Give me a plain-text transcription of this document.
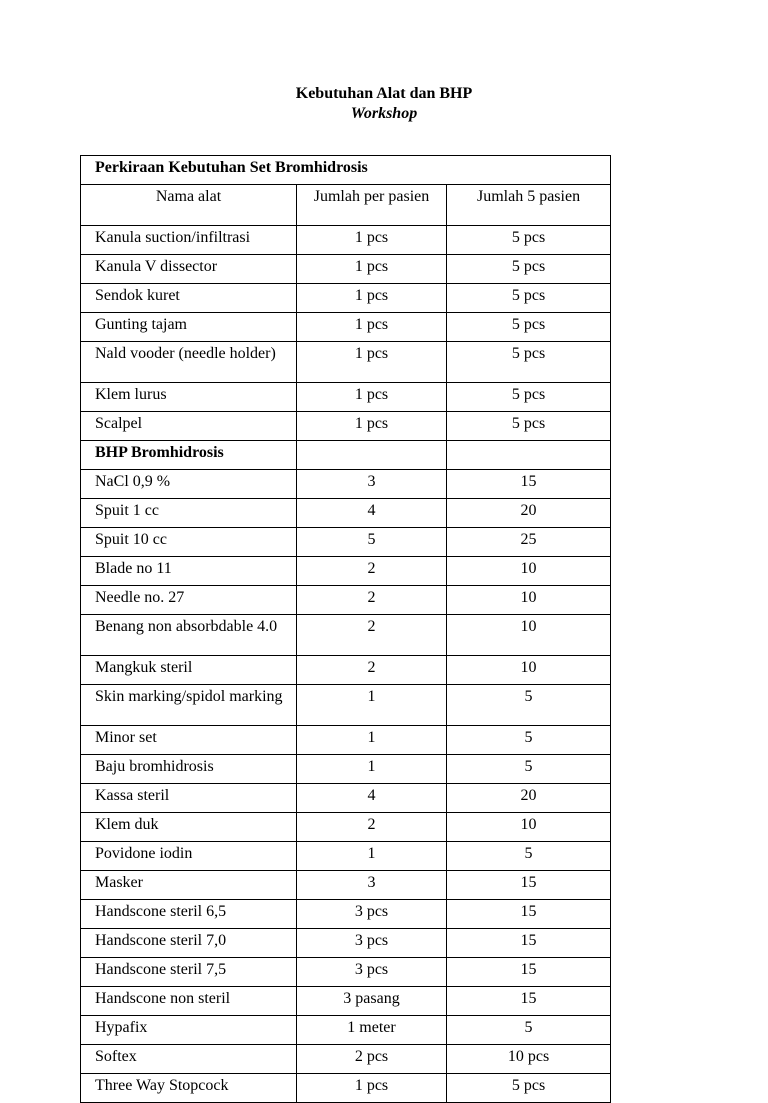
Kebutuhan Alat dan BHP
Workshop
Perkiraan Kebutuhan Set Bromhidrosis		
Nama alat	Jumlah per pasien	Jumlah 5 pasien
Kanula suction/infiltrasi	1 pcs	5 pcs
Kanula V dissector	1 pcs	5 pcs
Sendok kuret	1 pcs	5 pcs
Gunting tajam	1 pcs	5 pcs
Nald vooder (needle holder)	1 pcs	5 pcs
Klem lurus	1 pcs	5 pcs
Scalpel	1 pcs	5 pcs
BHP Bromhidrosis		
NaCl 0,9 %	3	15
Spuit 1 cc	4	20
Spuit 10 cc	5	25
Blade no 11	2	10
Needle no. 27	2	10
Benang non absorbdable 4.0	2	10
Mangkuk steril	2	10
Skin marking/spidol marking	1	5
Minor set	1	5
Baju bromhidrosis	1	5
Kassa steril	4	20
Klem duk	2	10
Povidone iodin	1	5
Masker	3	15
Handscone steril 6,5	3 pcs	15
Handscone steril 7,0	3 pcs	15
Handscone steril 7,5	3 pcs	15
Handscone non steril	3 pasang	15
Hypafix	1 meter	5
Softex	2 pcs	10 pcs
Three Way Stopcock	1 pcs	5 pcs
